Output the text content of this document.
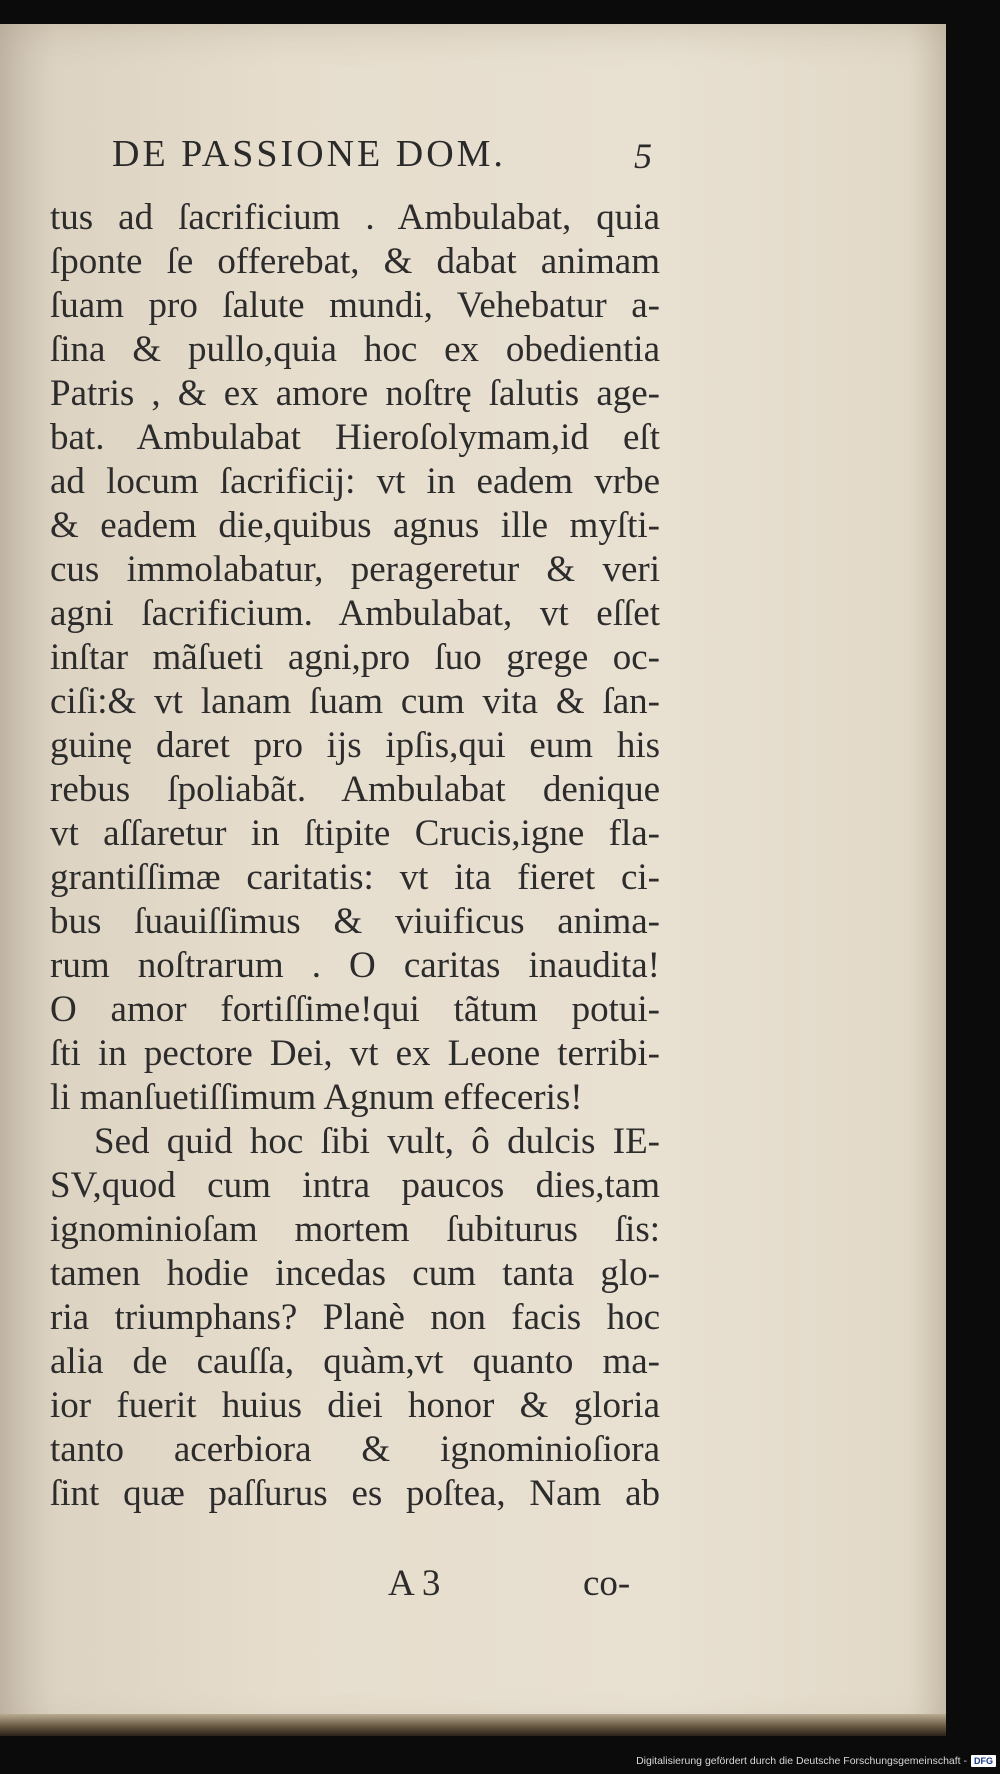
DE PASSIONE DOM.	5
tus ad ſacrificium . Ambulabat, quia
ſponte ſe offerebat, & dabat animam
ſuam pro ſalute mundi, Vehebatur a-
ſina & pullo,quia hoc ex obedientia
Patris , & ex amore noſtrę ſalutis age-
bat. Ambulabat Hieroſolymam,id eſt
ad locum ſacrificij: vt in eadem vrbe
& eadem die,quibus agnus ille myſti-
cus immolabatur, perageretur & veri
agni ſacrificium. Ambulabat, vt eſſet
inſtar mãſueti agni,pro ſuo grege oc-
ciſi:& vt lanam ſuam cum vita & ſan-
guinę daret pro ijs ipſis,qui eum his
rebus ſpoliabãt. Ambulabat denique
vt aſſaretur in ſtipite Crucis,igne fla-
grantiſſimæ caritatis: vt ita fieret ci-
bus ſuauiſſimus & viuificus anima-
rum noſtrarum . O caritas inaudita!
O amor fortiſſime!qui tãtum potui-
ſti in pectore Dei, vt ex Leone terribi-
li manſuetiſſimum Agnum effeceris!
Sed quid hoc ſibi vult, ô dulcis IE-
SV,quod cum intra paucos dies,tam
ignominioſam mortem ſubiturus ſis:
tamen hodie incedas cum tanta glo-
ria triumphans? Planè non facis hoc
alia de cauſſa, quàm,vt quanto ma-
ior fuerit huius diei honor & gloria
tanto acerbiora & ignominioſiora
ſint quæ paſſurus es poſtea, Nam ab
A 3	co-
Digitalisierung gefördert durch die Deutsche Forschungsgemeinschaft - DFG
